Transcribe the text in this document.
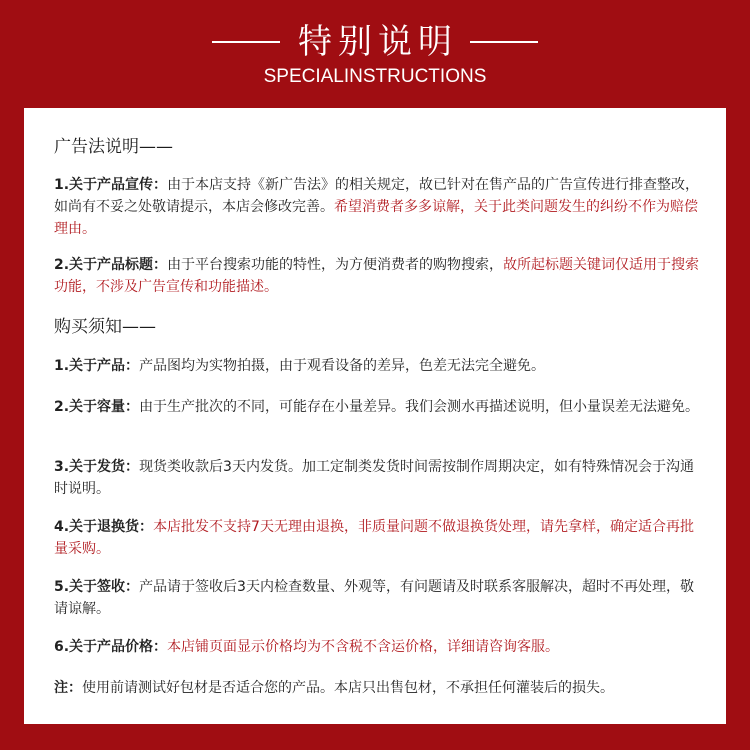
特别说明
SPECIALINSTRUCTIONS
广告法说明——
1.关于产品宣传：由于本店支持《新广告法》的相关规定，故已针对在售产品的广告宣传进行排查整改，如尚有不妥之处敬请提示，本店会修改完善。希望消费者多多谅解，关于此类问题发生的纠纷不作为赔偿理由。
2.关于产品标题：由于平台搜索功能的特性，为方便消费者的购物搜索，故所起标题关键词仅适用于搜索功能，不涉及广告宣传和功能描述。
购买须知——
1.关于产品：产品图均为实物拍摄，由于观看设备的差异，色差无法完全避免。
2.关于容量：由于生产批次的不同，可能存在小量差异。我们会测水再描述说明，但小量误差无法避免。
3.关于发货：现货类收款后3天内发货。加工定制类发货时间需按制作周期决定，如有特殊情况会于沟通时说明。
4.关于退换货：本店批发不支持7天无理由退换，非质量问题不做退换货处理，请先拿样，确定适合再批量采购。
5.关于签收：产品请于签收后3天内检查数量、外观等，有问题请及时联系客服解决，超时不再处理，敬请谅解。
6.关于产品价格：本店铺页面显示价格均为不含税不含运价格，详细请咨询客服。
注：使用前请测试好包材是否适合您的产品。本店只出售包材，不承担任何灌装后的损失。
